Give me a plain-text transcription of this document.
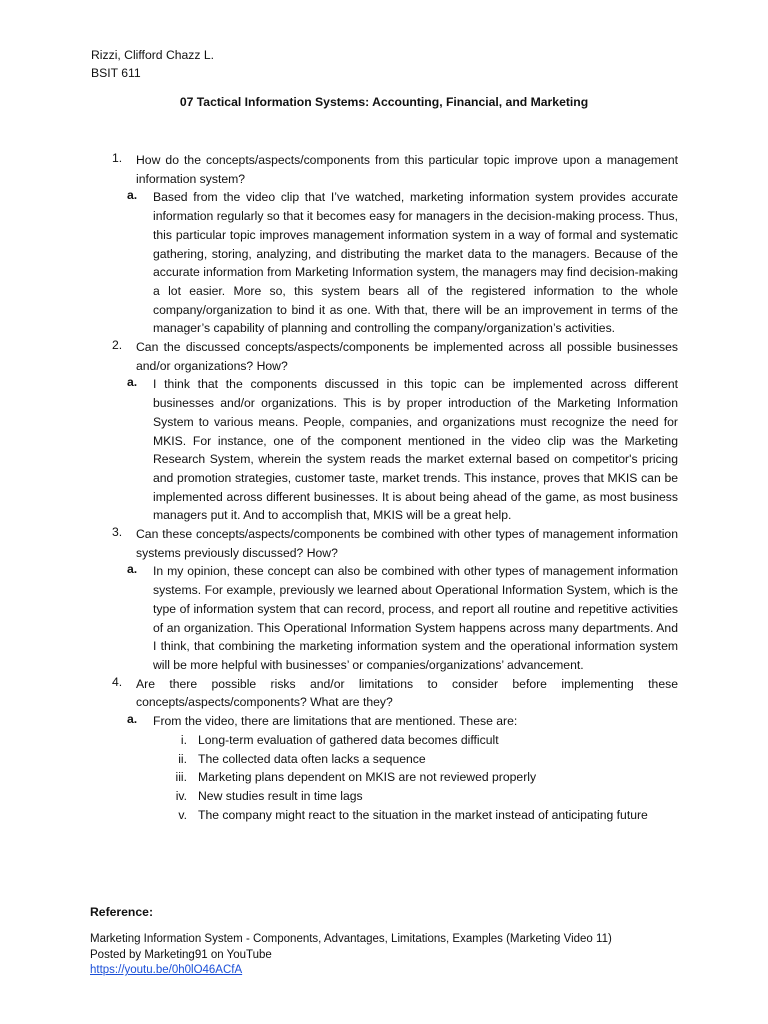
Rizzi, Clifford Chazz L.
BSIT 611
07 Tactical Information Systems: Accounting, Financial, and Marketing
1. How do the concepts/aspects/components from this particular topic improve upon a management information system?
a. Based from the video clip that I’ve watched, marketing information system provides accurate information regularly so that it becomes easy for managers in the decision-making process. Thus, this particular topic improves management information system in a way of formal and systematic gathering, storing, analyzing, and distributing the market data to the managers. Because of the accurate information from Marketing Information system, the managers may find decision-making a lot easier. More so, this system bears all of the registered information to the whole company/organization to bind it as one. With that, there will be an improvement in terms of the manager’s capability of planning and controlling the company/organization’s activities.
2. Can the discussed concepts/aspects/components be implemented across all possible businesses and/or organizations? How?
a. I think that the components discussed in this topic can be implemented across different businesses and/or organizations. This is by proper introduction of the Marketing Information System to various means. People, companies, and organizations must recognize the need for MKIS. For instance, one of the component mentioned in the video clip was the Marketing Research System, wherein the system reads the market external based on competitor's pricing and promotion strategies, customer taste, market trends. This instance, proves that MKIS can be implemented across different businesses. It is about being ahead of the game, as most business managers put it. And to accomplish that, MKIS will be a great help.
3. Can these concepts/aspects/components be combined with other types of management information systems previously discussed? How?
a. In my opinion, these concept can also be combined with other types of management information systems. For example, previously we learned about Operational Information System, which is the type of information system that can record, process, and report all routine and repetitive activities of an organization. This Operational Information System happens across many departments. And I think, that combining the marketing information system and the operational information system will be more helpful with businesses’ or companies/organizations’ advancement.
4. Are there possible risks and/or limitations to consider before implementing these concepts/aspects/components? What are they?
a. From the video, there are limitations that are mentioned. These are:
i. Long-term evaluation of gathered data becomes difficult
ii. The collected data often lacks a sequence
iii. Marketing plans dependent on MKIS are not reviewed properly
iv. New studies result in time lags
v. The company might react to the situation in the market instead of anticipating future
Reference:
Marketing Information System - Components, Advantages, Limitations, Examples (Marketing Video 11)
Posted by Marketing91 on YouTube
https://youtu.be/0h0lO46ACfA
